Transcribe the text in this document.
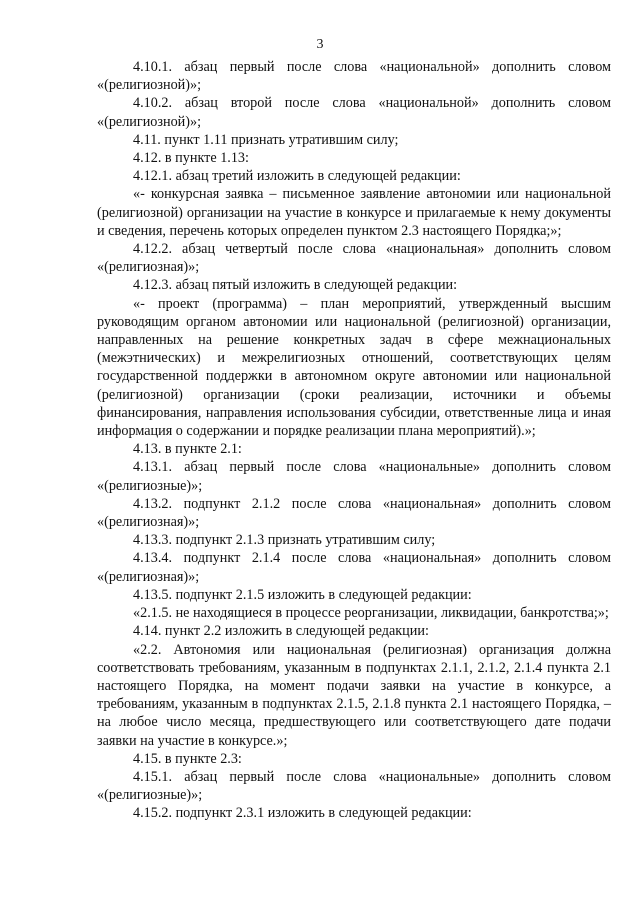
3

4.10.1. абзац первый после слова «национальной» дополнить словом «(религиозной)»;

4.10.2. абзац второй после слова «национальной» дополнить словом «(религиозной)»;

4.11. пункт 1.11 признать утратившим силу;

4.12. в пункте 1.13:

4.12.1. абзац третий изложить в следующей редакции:

«- конкурсная заявка – письменное заявление автономии или национальной (религиозной) организации на участие в конкурсе и прилагаемые к нему документы и сведения, перечень которых определен пунктом 2.3 настоящего Порядка;»;

4.12.2. абзац четвертый после слова «национальная» дополнить словом «(религиозная)»;

4.12.3. абзац пятый изложить в следующей редакции:

«- проект (программа) – план мероприятий, утвержденный высшим руководящим органом автономии или национальной (религиозной) организации, направленных на решение конкретных задач в сфере межнациональных (межэтнических) и межрелигиозных отношений, соответствующих целям государственной поддержки в автономном округе автономии или национальной (религиозной) организации (сроки реализации, источники и объемы финансирования, направления использования субсидии, ответственные лица и иная информация о содержании и порядке реализации плана мероприятий).»;

4.13. в пункте 2.1:

4.13.1. абзац первый после слова «национальные» дополнить словом «(религиозные)»;

4.13.2. подпункт 2.1.2 после слова «национальная» дополнить словом «(религиозная)»;

4.13.3. подпункт 2.1.3 признать утратившим силу;

4.13.4. подпункт 2.1.4 после слова «национальная» дополнить словом «(религиозная)»;

4.13.5. подпункт 2.1.5 изложить в следующей редакции:

«2.1.5. не находящиеся в процессе реорганизации, ликвидации, банкротства;»;

4.14. пункт 2.2 изложить в следующей редакции:

«2.2. Автономия или национальная (религиозная) организация должна соответствовать требованиям, указанным в подпунктах 2.1.1, 2.1.2, 2.1.4 пункта 2.1 настоящего Порядка, на момент подачи заявки на участие в конкурсе, а требованиям, указанным в подпунктах 2.1.5, 2.1.8 пункта 2.1 настоящего Порядка, – на любое число месяца, предшествующего или соответствующего дате подачи заявки на участие в конкурсе.»;

4.15. в пункте 2.3:

4.15.1. абзац первый после слова «национальные» дополнить словом «(религиозные)»;

4.15.2. подпункт 2.3.1 изложить в следующей редакции:
